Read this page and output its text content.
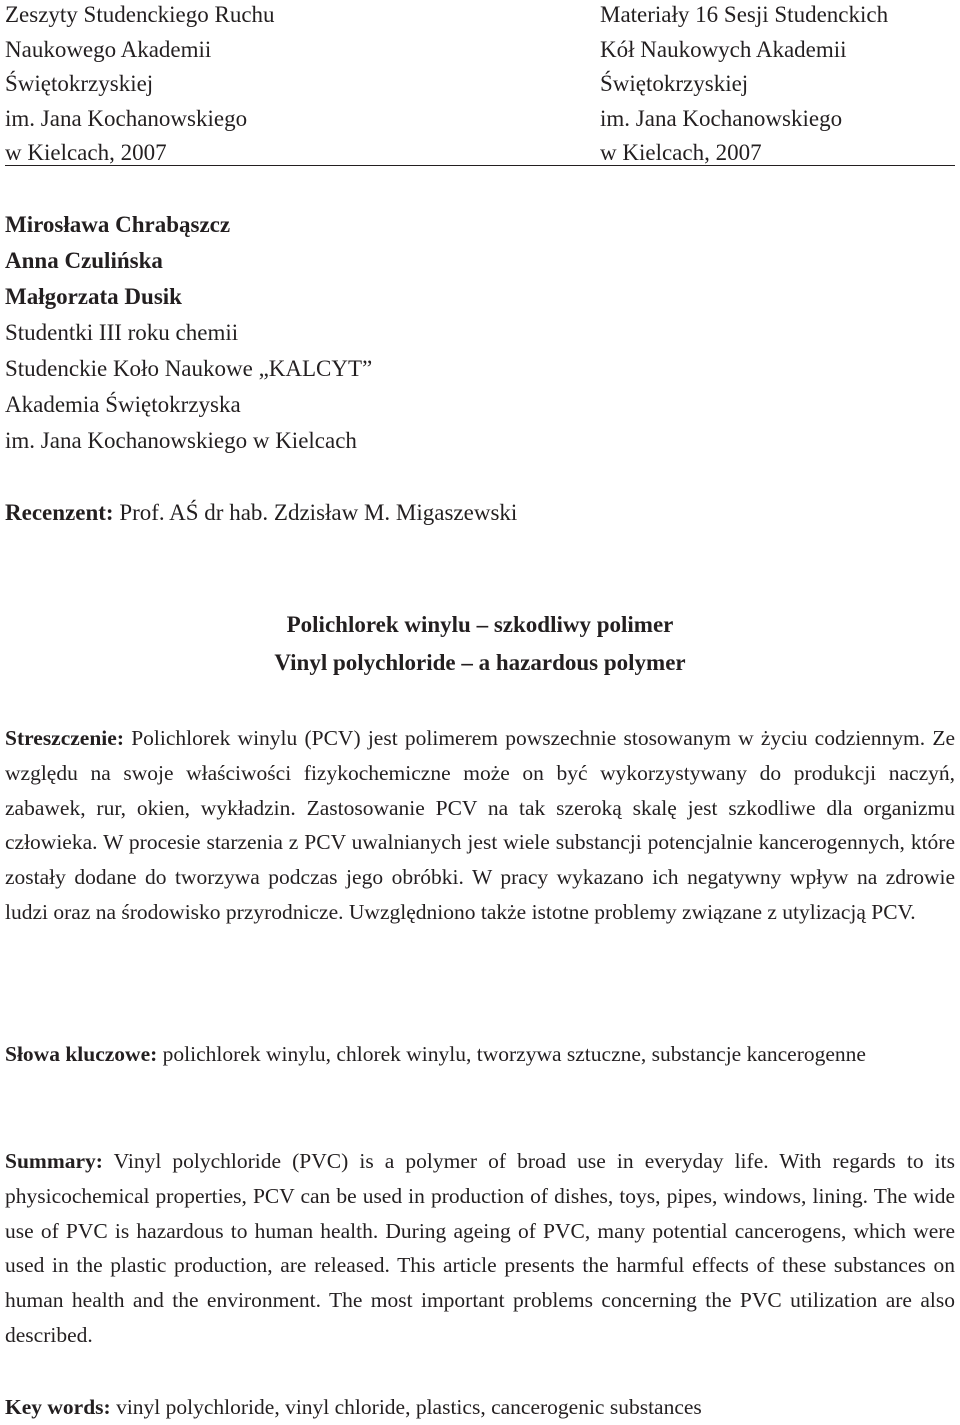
Zeszyty Studenckiego Ruchu
Naukowego Akademii
Świętokrzyskiej
im. Jana Kochanowskiego
w Kielcach, 2007
Materiały 16 Sesji Studenckich
Kół Naukowych Akademii
Świętokrzyskiej
im. Jana Kochanowskiego
w Kielcach, 2007
Mirosława Chrabąszcz
Anna Czulińska
Małgorzata Dusik
Studentki III roku chemii
Studenckie Koło Naukowe „KALCYT”
Akademia Świętokrzyska
im. Jana Kochanowskiego w Kielcach
Recenzent: Prof. AŚ dr hab. Zdzisław M. Migaszewski
Polichlorek winylu – szkodliwy polimer
Vinyl polychloride – a hazardous polymer
Streszczenie: Polichlorek winylu (PCV) jest polimerem powszechnie stosowanym w życiu codziennym. Ze względu na swoje właściwości fizykochemiczne może on być wykorzystywany do produkcji naczyń, zabawek, rur, okien, wykładzin. Zastosowanie PCV na tak szeroką skalę jest szkodliwe dla organizmu człowieka. W procesie starzenia z PCV uwalnianych jest wiele substancji potencjalnie kancerogennych, które zostały dodane do tworzywa podczas jego obróbki. W pracy wykazano ich negatywny wpływ na zdrowie ludzi oraz na środowisko przyrodnicze. Uwzględniono także istotne problemy związane z utylizacją PCV.
Słowa kluczowe: polichlorek winylu, chlorek winylu, tworzywa sztuczne, substancje kancerogenne
Summary: Vinyl polychloride (PVC) is a polymer of broad use in everyday life. With regards to its physicochemical properties, PCV can be used in production of dishes, toys, pipes, windows, lining. The wide use of PVC is hazardous to human health. During ageing of PVC, many potential cancerogens, which were used in the plastic production, are released. This article presents the harmful effects of these substances on human health and the environment. The most important problems concerning the PVC utilization are also described.
Key words: vinyl polychloride, vinyl chloride, plastics, cancerogenic substances
